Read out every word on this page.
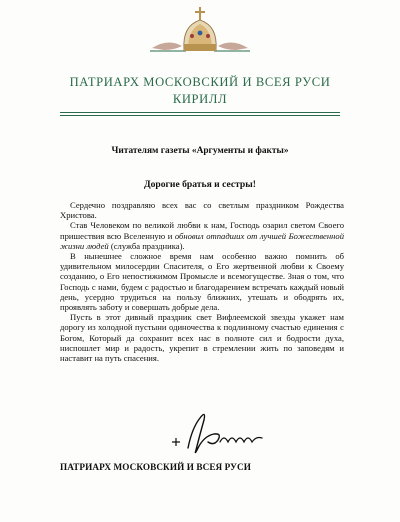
ПАТРИАРХ МОСКОВСКИЙ И ВСЕЯ РУСИ
КИРИЛЛ
Читателям газеты «Аргументы и факты»
Дорогие братья и сестры!

Сердечно поздравляю всех вас со светлым праздником Рождества Христова.

Став Человеком по великой любви к нам, Господь озарил светом Своего пришествия всю Вселенную и обновил отпадших от лучшей Божественной жизни людей (служба праздника).

В нынешнее сложное время нам особенно важно помнить об удивительном милосердии Спасителя, о Его жертвенной любви к Своему созданию, о Его непостижимом Промысле и всемогуществе. Зная о том, что Господь с нами, будем с радостью и благодарением встречать каждый новый день, усердно трудиться на пользу ближних, утешать и ободрять их, проявлять заботу и совершать добрые дела.

Пусть в этот дивный праздник свет Вифлеемской звезды укажет нам дорогу из холодной пустыни одиночества к подлинному счастью единения с Богом, Который да сохранит всех нас в полноте сил и бодрости духа, ниспошлет мир и радость, укрепит в стремлении жить по заповедям и наставит на путь спасения.

ПАТРИАРХ МОСКОВСКИЙ И ВСЕЯ РУСИ
